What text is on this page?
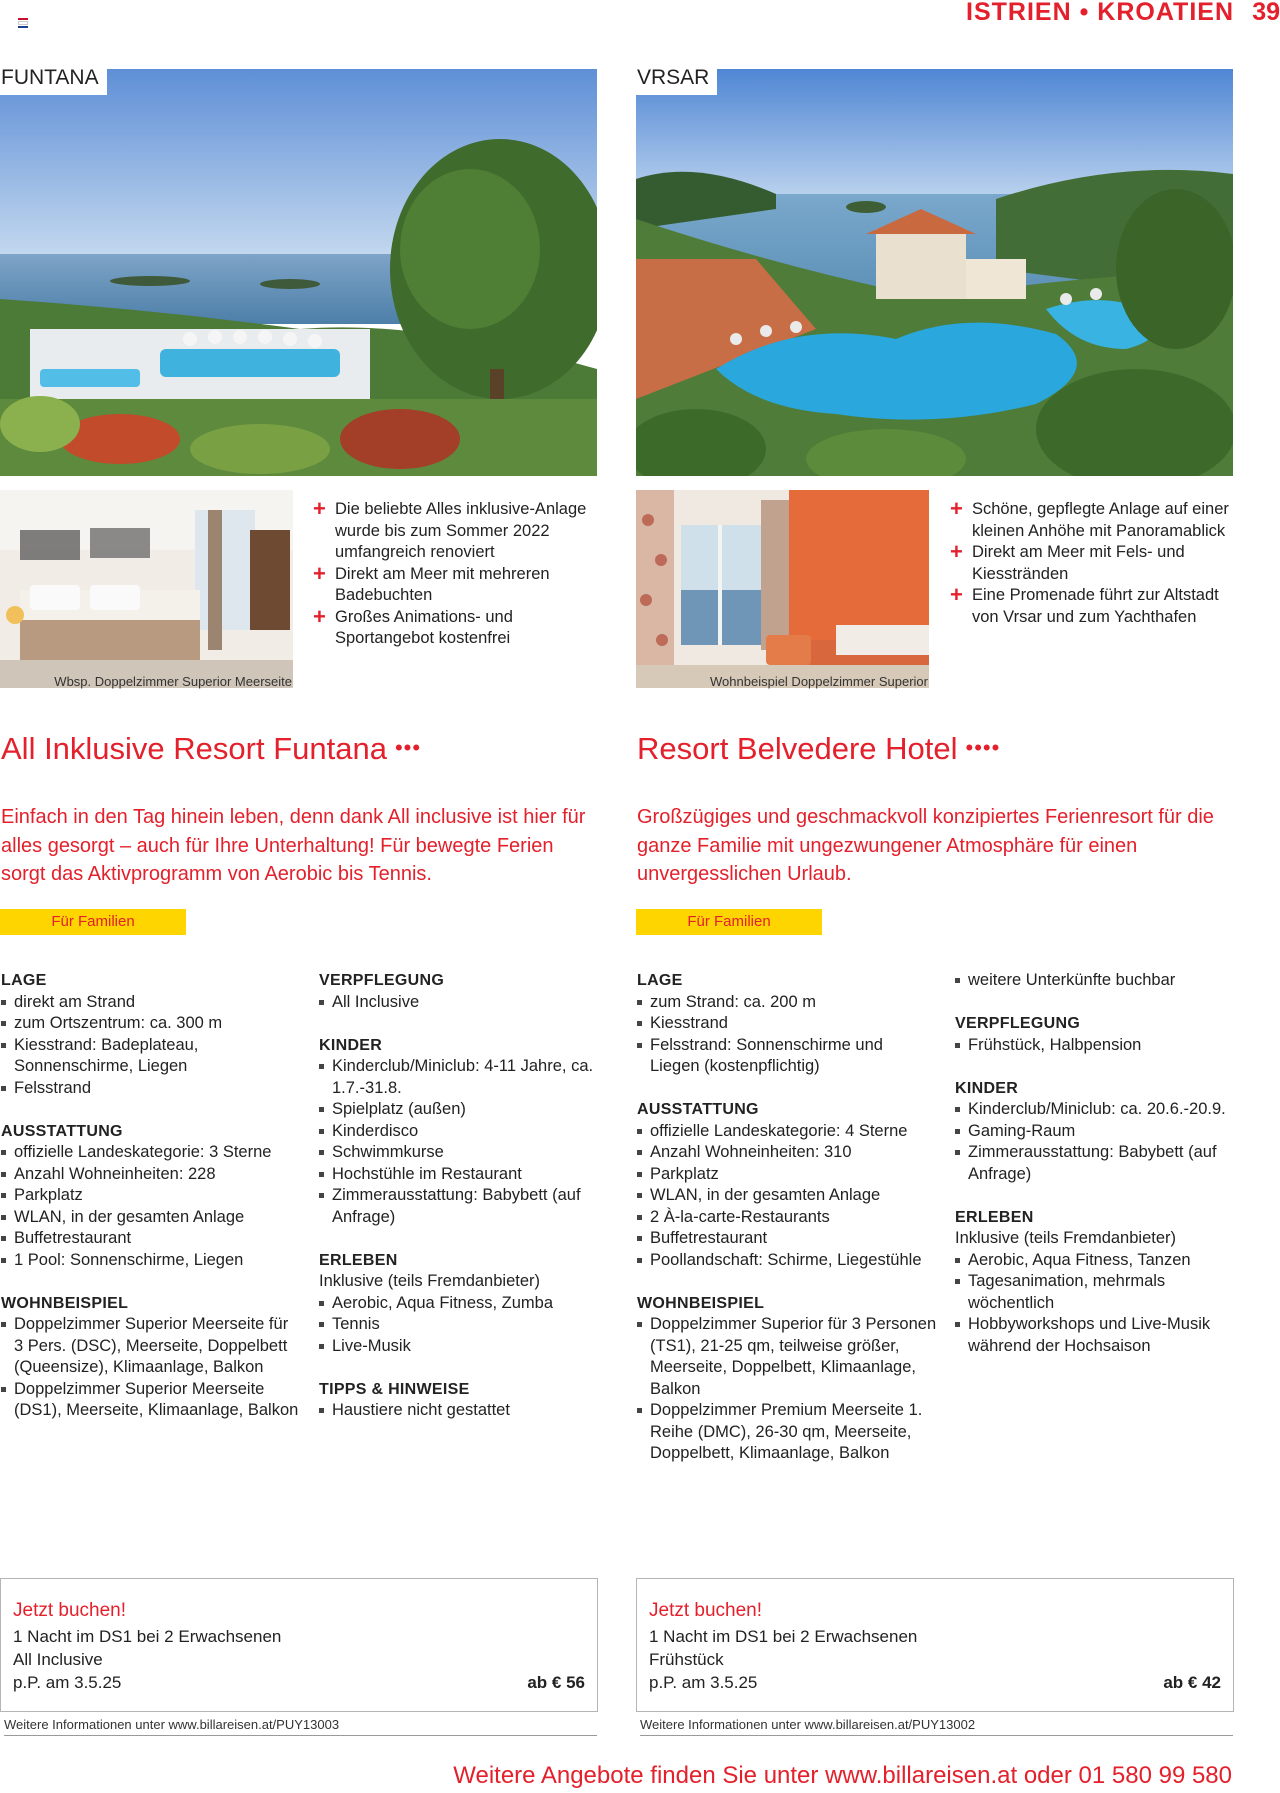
ISTRIEN • KROATIEN 39
FUNTANA
Wbsp. Doppelzimmer Superior Meerseite
+ Die beliebte Alles inklusive-Anlage wurde bis zum Sommer 2022 umfangreich renoviert
+ Direkt am Meer mit mehreren Badebuchten
+ Großes Animations- und Sportangebot kostenfrei
All Inklusive Resort Funtana •••
Einfach in den Tag hinein leben, denn dank All inclusive ist hier für alles gesorgt – auch für Ihre Unterhaltung! Für bewegte Ferien sorgt das Aktivprogramm von Aerobic bis Tennis.
Für Familien
LAGE
direkt am Strand
zum Ortszentrum: ca. 300 m
Kiesstrand: Badeplateau, Sonnenschirme, Liegen
Felsstrand
AUSSTATTUNG
offizielle Landeskategorie: 3 Sterne
Anzahl Wohneinheiten: 228
Parkplatz
WLAN, in der gesamten Anlage
Buffetrestaurant
1 Pool: Sonnenschirme, Liegen
WOHNBEISPIEL
Doppelzimmer Superior Meerseite für 3 Pers. (DSC), Meerseite, Doppelbett (Queensize), Klimaanlage, Balkon
Doppelzimmer Superior Meerseite (DS1), Meerseite, Klimaanlage, Balkon
VERPFLEGUNG
All Inclusive
KINDER
Kinderclub/Miniclub: 4-11 Jahre, ca. 1.7.-31.8.
Spielplatz (außen)
Kinderdisco
Schwimmkurse
Hochstühle im Restaurant
Zimmerausstattung: Babybett (auf Anfrage)
ERLEBEN

Inklusive (teils Fremdanbieter)

Aerobic, Aqua Fitness, Zumba
Tennis
Live-Musik
TIPPS & HINWEISE
Haustiere nicht gestattet
Jetzt buchen!
1 Nacht im DS1 bei 2 Erwachsenen
All Inclusive
p.P. am 3.5.25	ab € 56
Weitere Informationen unter www.billareisen.at/PUY13003
VRSAR
Wohnbeispiel Doppelzimmer Superior
+ Schöne, gepflegte Anlage auf einer kleinen Anhöhe mit Panoramablick
+ Direkt am Meer mit Fels- und Kiesstränden
+ Eine Promenade führt zur Altstadt von Vrsar und zum Yachthafen
Resort Belvedere Hotel ••••
Großzügiges und geschmackvoll konzipiertes Ferienresort für die ganze Familie mit ungezwungener Atmosphäre für einen unvergesslichen Urlaub.
Für Familien
LAGE
zum Strand: ca. 200 m
Kiesstrand
Felsstrand: Sonnenschirme und Liegen (kostenpflichtig)
AUSSTATTUNG
offizielle Landeskategorie: 4 Sterne
Anzahl Wohneinheiten: 310
Parkplatz
WLAN, in der gesamten Anlage
2 À-la-carte-Restaurants
Buffetrestaurant
Poollandschaft: Schirme, Liegestühle
WOHNBEISPIEL
Doppelzimmer Superior für 3 Personen (TS1), 21-25 qm, teilweise größer, Meerseite, Doppelbett, Klimaanlage, Balkon
Doppelzimmer Premium Meerseite 1. Reihe (DMC), 26-30 qm, Meerseite, Doppelbett, Klimaanlage, Balkon
weitere Unterkünfte buchbar
VERPFLEGUNG
Frühstück, Halbpension
KINDER
Kinderclub/Miniclub: ca. 20.6.-20.9.
Gaming-Raum
Zimmerausstattung: Babybett (auf Anfrage)
ERLEBEN

Inklusive (teils Fremdanbieter)

Aerobic, Aqua Fitness, Tanzen
Tagesanimation, mehrmals wöchentlich
Hobbyworkshops und Live-Musik während der Hochsaison
Jetzt buchen!
1 Nacht im DS1 bei 2 Erwachsenen
Frühstück
p.P. am 3.5.25	ab € 42
Weitere Informationen unter www.billareisen.at/PUY13002
Weitere Angebote finden Sie unter www.billareisen.at oder 01 580 99 580
